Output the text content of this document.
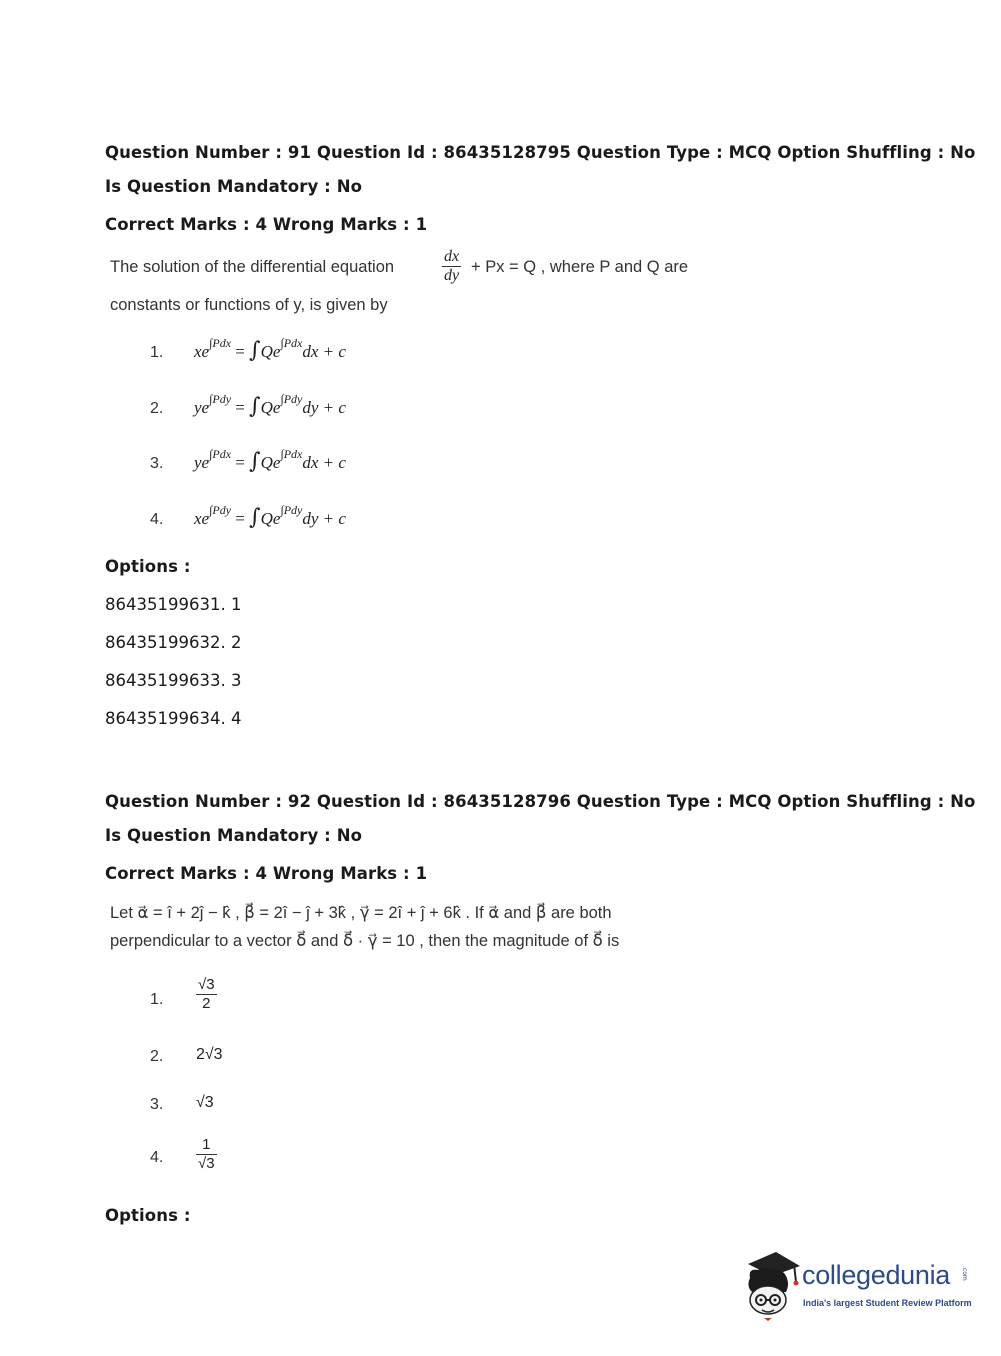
Question Number : 91 Question Id : 86435128795 Question Type : MCQ Option Shuffling : No
Is Question Mandatory : No
Correct Marks : 4 Wrong Marks : 1
The solution of the differential equation	$\frac{dx}{dy} + Px = Q$ , where P and Q are
constants or functions of y, is given by
1. $xe^{\int Pdx} = \int Qe^{\int Pdx}dx + c$
2. $ye^{\int Pdy} = \int Qe^{\int Pdy}dy + c$
3. $ye^{\int Pdx} = \int Qe^{\int Pdx}dx + c$
4. $xe^{\int Pdy} = \int Qe^{\int Pdy}dy + c$
Options :
86435199631. 1
86435199632. 2
86435199633. 3
86435199634. 4
Question Number : 92 Question Id : 86435128796 Question Type : MCQ Option Shuffling : No
Is Question Mandatory : No
Correct Marks : 4 Wrong Marks : 1
Let α⃗ = î + 2ĵ − k̂ , β⃗ = 2î − ĵ + 3k̂ , γ⃗ = 2î + ĵ + 6k̂ . If α⃗ and β⃗ are both
perpendicular to a vector δ⃗ and δ⃗ · γ⃗ = 10 , then the magnitude of δ⃗ is
1. $\frac{√3}{2}$
2. 2√3
3. √3
4. $\frac{1}{√3}$
Options :
collegedunia .com
India's largest Student Review Platform
